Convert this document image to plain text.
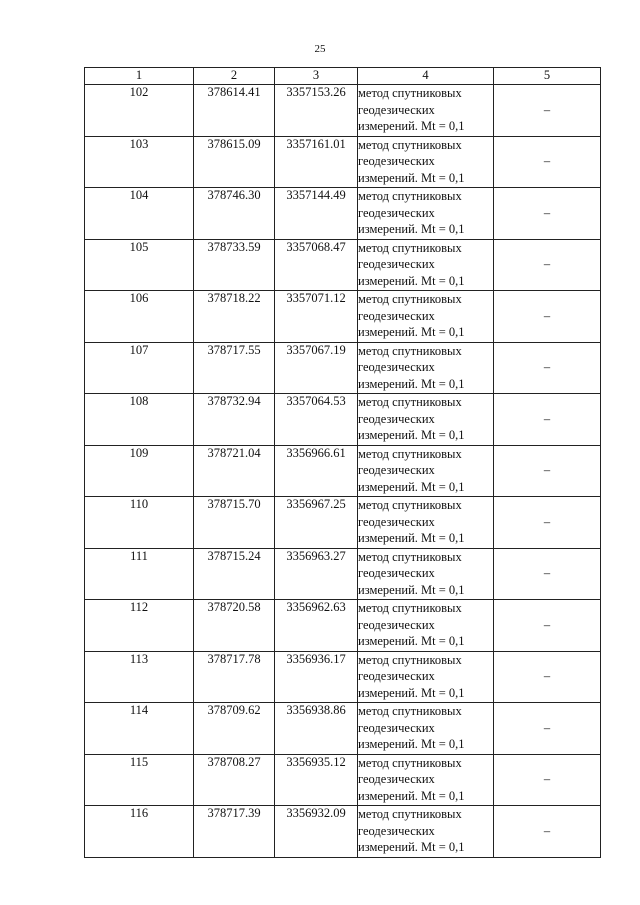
25
1	2	3	4	5
102	378614.41	3357153.26	метод спутниковых
геодезических
измерений. Mt = 0,1	–
103	378615.09	3357161.01	метод спутниковых
геодезических
измерений. Mt = 0,1	–
104	378746.30	3357144.49	метод спутниковых
геодезических
измерений. Mt = 0,1	–
105	378733.59	3357068.47	метод спутниковых
геодезических
измерений. Mt = 0,1	–
106	378718.22	3357071.12	метод спутниковых
геодезических
измерений. Mt = 0,1	–
107	378717.55	3357067.19	метод спутниковых
геодезических
измерений. Mt = 0,1	–
108	378732.94	3357064.53	метод спутниковых
геодезических
измерений. Mt = 0,1	–
109	378721.04	3356966.61	метод спутниковых
геодезических
измерений. Mt = 0,1	–
110	378715.70	3356967.25	метод спутниковых
геодезических
измерений. Mt = 0,1	–
111	378715.24	3356963.27	метод спутниковых
геодезических
измерений. Mt = 0,1	–
112	378720.58	3356962.63	метод спутниковых
геодезических
измерений. Mt = 0,1	–
113	378717.78	3356936.17	метод спутниковых
геодезических
измерений. Mt = 0,1	–
114	378709.62	3356938.86	метод спутниковых
геодезических
измерений. Mt = 0,1	–
115	378708.27	3356935.12	метод спутниковых
геодезических
измерений. Mt = 0,1	–
116	378717.39	3356932.09	метод спутниковых
геодезических
измерений. Mt = 0,1	–
